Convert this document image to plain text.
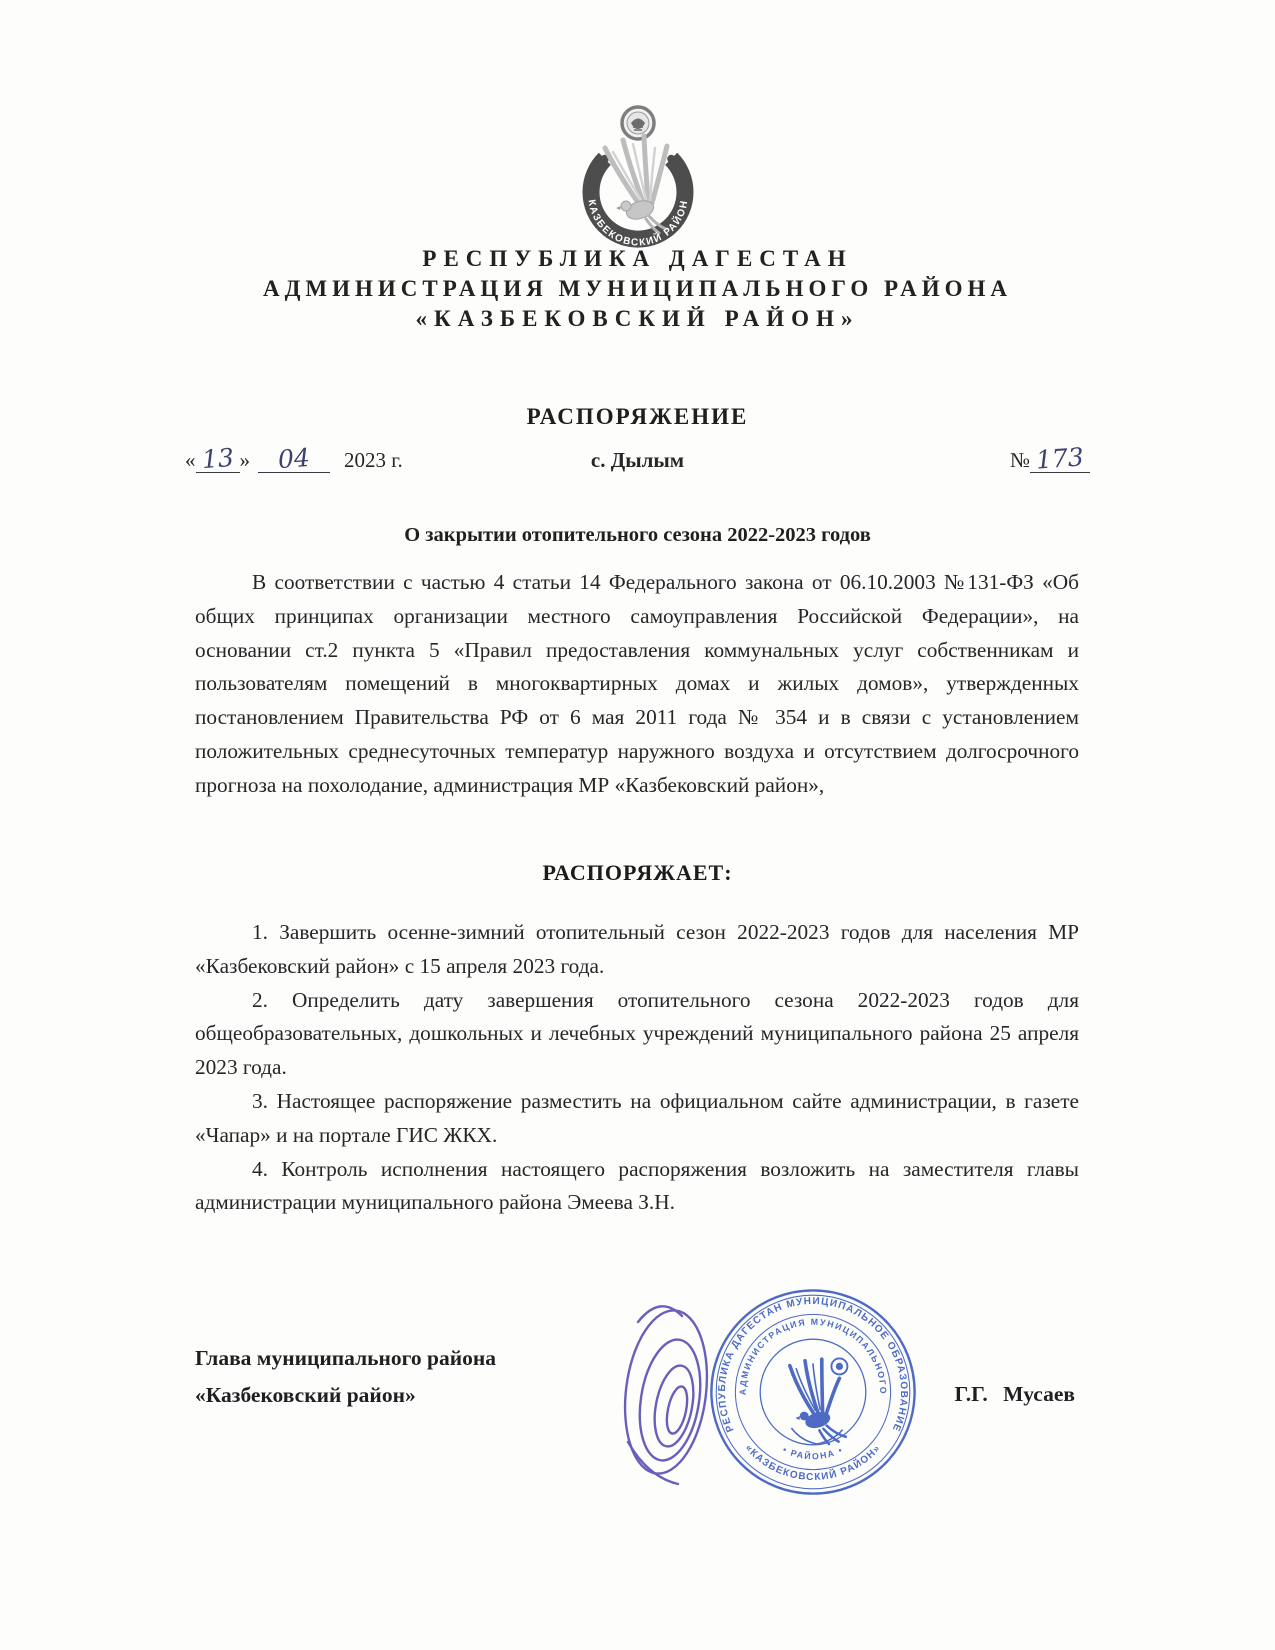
КАЗБЕКОВСКИЙ РАЙОН
РЕСПУБЛИКА ДАГЕСТАН
АДМИНИСТРАЦИЯ МУНИЦИПАЛЬНОГО РАЙОНА
«КАЗБЕКОВСКИЙ РАЙОН»
РАСПОРЯЖЕНИЕ
« 13 » 04 2023 г.	с. Дылым	№ 173
О закрытии отопительного сезона 2022-2023 годов

В соответствии с частью 4 статьи 14 Федерального закона от 06.10.2003 №131-ФЗ «Об общих принципах организации местного самоуправления Российской Федерации», на основании ст.2 пункта 5 «Правил предоставления коммунальных услуг собственникам и пользователям помещений в многоквартирных домах и жилых домов», утвержденных постановлением Правительства РФ от 6 мая 2011 года № 354 и в связи с установлением положительных среднесуточных температур наружного воздуха и отсутствием долгосрочного прогноза на похолодание, администрация МР «Казбековский район»,

РАСПОРЯЖАЕТ:

1. Завершить осенне-зимний отопительный сезон 2022-2023 годов для населения МР «Казбековский район» с 15 апреля 2023 года.

2. Определить дату завершения отопительного сезона 2022-2023 годов для общеобразовательных, дошкольных и лечебных учреждений муниципального района 25 апреля 2023 года.

3. Настоящее распоряжение разместить на официальном сайте администрации, в газете «Чапар» и на портале ГИС ЖКХ.

4. Контроль исполнения настоящего распоряжения возложить на заместителя главы администрации муниципального района Эмеева З.Н.

Глава муниципального района
«Казбековский район»	Г.Г. Мусаев
РЕСПУБЛИКА ДАГЕСТАН МУНИЦИПАЛЬНОЕ ОБРАЗОВАНИЕ
«КАЗБЕКОВСКИЙ РАЙОН»
АДМИНИСТРАЦИЯ МУНИЦИПАЛЬНОГО
• РАЙОНА •
